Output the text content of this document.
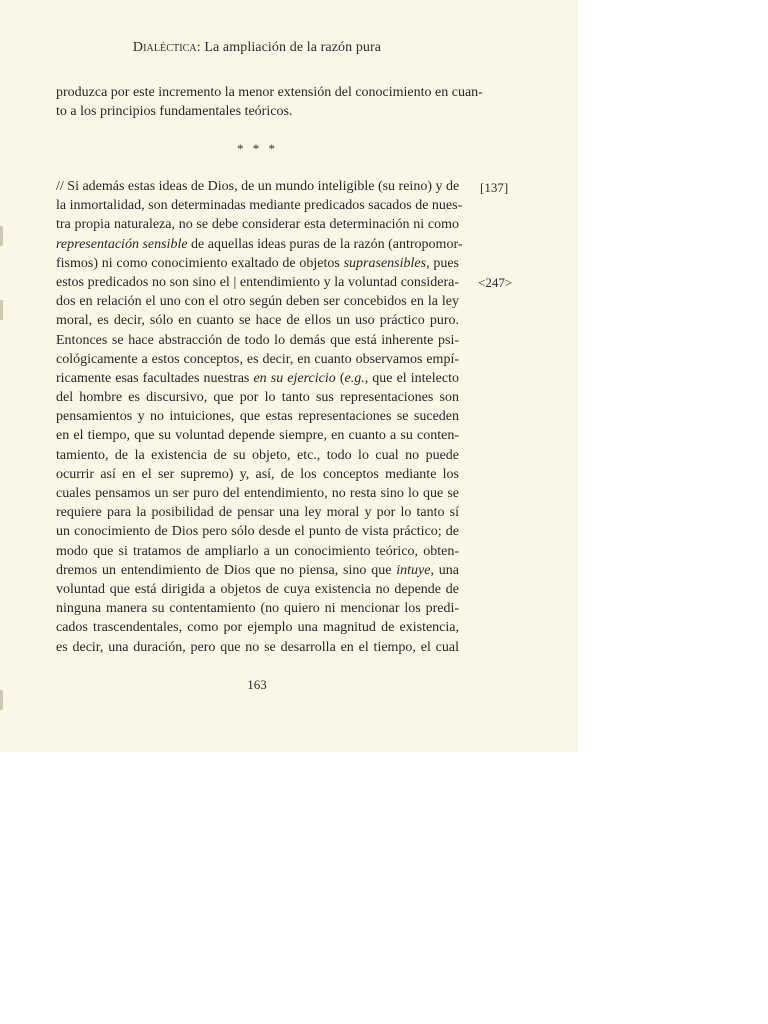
Dialéctica: La ampliación de la razón pura
produzca por este incremento la menor extensión del conocimiento en cuan-
to a los principios fundamentales teóricos.
* * *
// Si además estas ideas de Dios, de un mundo inteligible (su reino) y de
la inmortalidad, son determinadas mediante predicados sacados de nues-
tra propia naturaleza, no se debe considerar esta determinación ni como
representación sensible de aquellas ideas puras de la razón (antropomor-
fismos) ni como conocimiento exaltado de objetos suprasensibles, pues
estos predicados no son sino el | entendimiento y la voluntad considera-
dos en relación el uno con el otro según deben ser concebidos en la ley
moral, es decir, sólo en cuanto se hace de ellos un uso práctico puro.
Entonces se hace abstracción de todo lo demás que está inherente psi-
cológicamente a estos conceptos, es decir, en cuanto observamos empí-
ricamente esas facultades nuestras en su ejercicio (e.g., que el intelecto
del hombre es discursivo, que por lo tanto sus representaciones son
pensamientos y no intuiciones, que estas representaciones se suceden
en el tiempo, que su voluntad depende siempre, en cuanto a su conten-
tamiento, de la existencia de su objeto, etc., todo lo cual no puede
ocurrir así en el ser supremo) y, así, de los conceptos mediante los
cuales pensamos un ser puro del entendimiento, no resta sino lo que se
requiere para la posibilidad de pensar una ley moral y por lo tanto sí
un conocimiento de Dios pero sólo desde el punto de vista práctico; de
modo que si tratamos de ampliarlo a un conocimiento teórico, obten-
dremos un entendimiento de Dios que no piensa, sino que intuye, una
voluntad que está dirigida a objetos de cuya existencia no depende de
ninguna manera su contentamiento (no quiero ni mencionar los predi-
cados trascendentales, como por ejemplo una magnitud de existencia,
es decir, una duración, pero que no se desarrolla en el tiempo, el cual
[137]
<247>
163
